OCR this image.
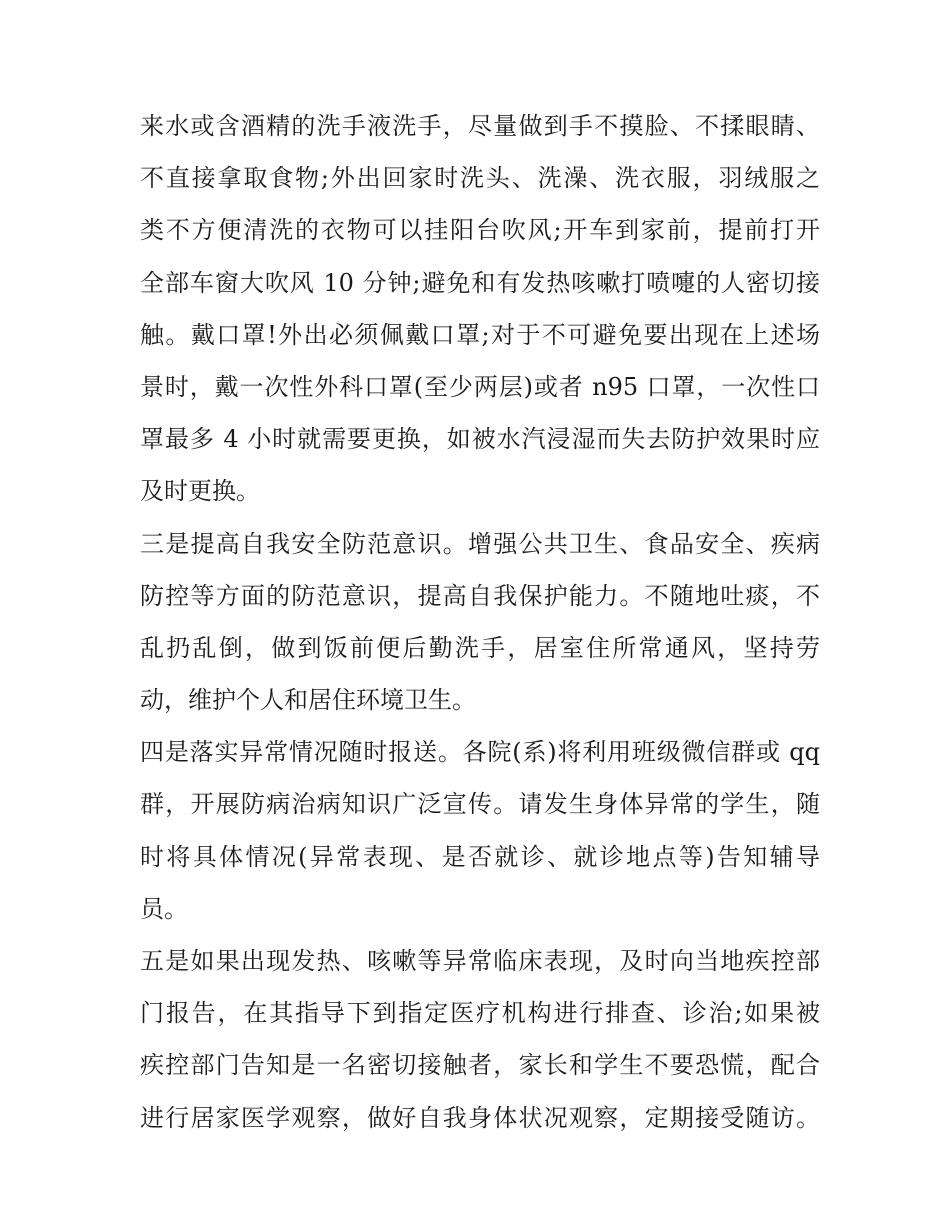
来水或含酒精的洗手液洗手，尽量做到手不摸脸、不揉眼睛、
不直接拿取食物;外出回家时洗头、洗澡、洗衣服，羽绒服之
类不方便清洗的衣物可以挂阳台吹风;开车到家前，提前打开
全部车窗大吹风 10 分钟;避免和有发热咳嗽打喷嚏的人密切接
触。戴口罩!外出必须佩戴口罩;对于不可避免要出现在上述场
景时，戴一次性外科口罩(至少两层)或者 n95 口罩，一次性口
罩最多 4 小时就需要更换，如被水汽浸湿而失去防护效果时应
及时更换。
三是提高自我安全防范意识。增强公共卫生、食品安全、疾病
防控等方面的防范意识，提高自我保护能力。不随地吐痰，不
乱扔乱倒，做到饭前便后勤洗手，居室住所常通风，坚持劳
动，维护个人和居住环境卫生。
四是落实异常情况随时报送。各院(系)将利用班级微信群或 qq
群，开展防病治病知识广泛宣传。请发生身体异常的学生，随
时将具体情况(异常表现、是否就诊、就诊地点等)告知辅导
员。
五是如果出现发热、咳嗽等异常临床表现，及时向当地疾控部
门报告，在其指导下到指定医疗机构进行排查、诊治;如果被
疾控部门告知是一名密切接触者，家长和学生不要恐慌，配合
进行居家医学观察，做好自我身体状况观察，定期接受随访。
